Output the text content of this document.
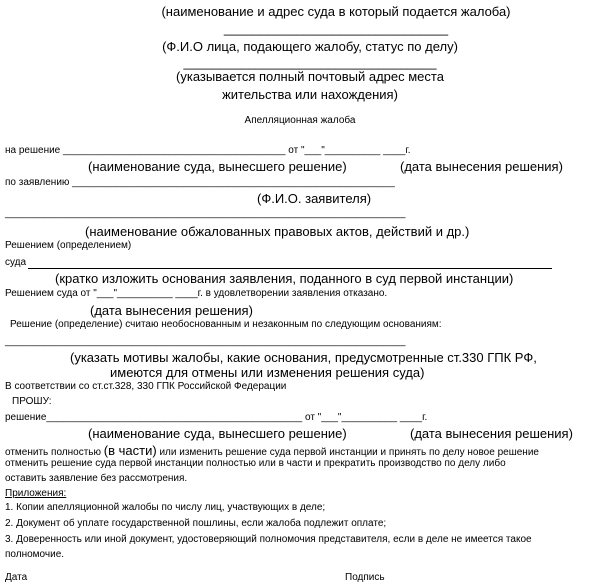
(наименование и адрес суда в который подается жалоба)
_______________________________
(Ф.И.О лица, подающего жалобу, статус по делу)
___________________________________
(указывается полный почтовый адрес места
жительства или нахождения)
Апелляционная жалоба
на решение ________________________________________ от "___"__________ ____г.
(наименование суда, вынесшего решение)	(дата вынесения решения)
по заявлению __________________________________________________________
(Ф.И.О. заявителя)
________________________________________________________________________
(наименование обжалованных правовых актов, действий и др.)
Решением (определением)
суда
(кратко изложить основания заявления, поданного в суд первой инстанции)
Решением суда от "___"__________ ____г. в удовлетворении заявления отказано.
(дата вынесения решения)
Решение (определение) считаю необоснованным и незаконным по следующим основаниям:
________________________________________________________________________
(указать мотивы жалобы, какие основания, предусмотренные ст.330 ГПК РФ,
имеются для отмены или изменения решения суда)
В соответствии со ст.ст.328, 330 ГПК Российской Федерации
ПРОШУ:
решение______________________________________________ от "___"__________ ____г.
(наименование суда, вынесшего решение)	(дата вынесения решения)
отменить полностью (в части) или изменить решение суда первой инстанции и принять по делу новое решение
отменить решение суда первой инстанции полностью или в части и прекратить производство по делу либо
оставить заявление без рассмотрения.
Приложения:
1. Копии апелляционной жалобы по числу лиц, участвующих в деле;
2. Документ об уплате государственной пошлины, если жалоба подлежит оплате;
3. Доверенность или иной документ, удостоверяющий полномочия представителя, если в деле не имеется такое
полномочие.
Дата	Подпись
